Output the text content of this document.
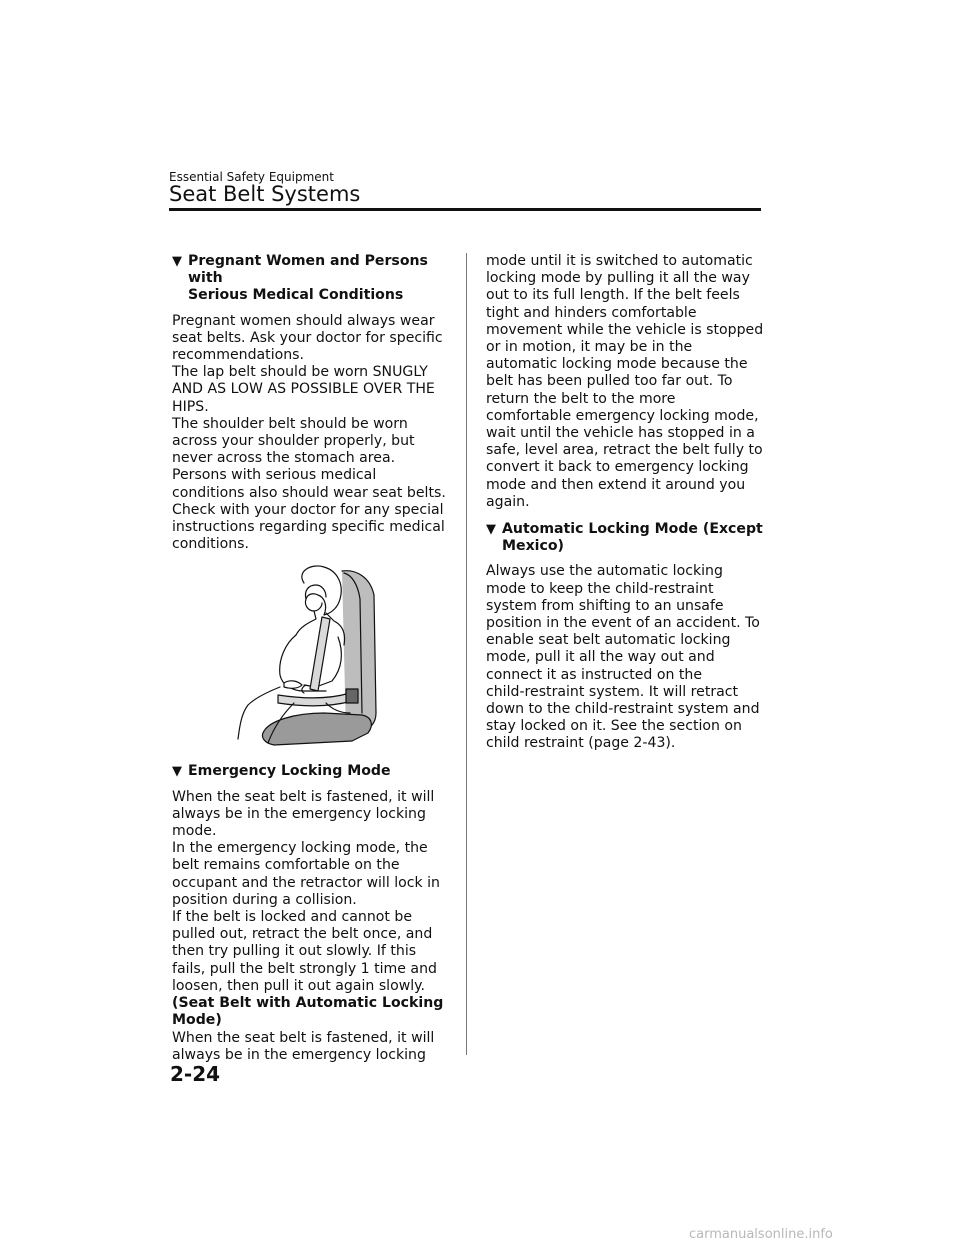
Essential Safety Equipment
Seat Belt Systems
▼ Pregnant Women and Persons with
Serious Medical Conditions

Pregnant women should always wear
seat belts. Ask your doctor for specific
recommendations.
The lap belt should be worn SNUGLY
AND AS LOW AS POSSIBLE OVER THE
HIPS.
The shoulder belt should be worn
across your shoulder properly, but
never across the stomach area.
Persons with serious medical
conditions also should wear seat belts.
Check with your doctor for any special
instructions regarding specific medical
conditions.

▼ Emergency Locking Mode

When the seat belt is fastened, it will
always be in the emergency locking
mode.
In the emergency locking mode, the
belt remains comfortable on the
occupant and the retractor will lock in
position during a collision.
If the belt is locked and cannot be
pulled out, retract the belt once, and
then try pulling it out slowly. If this
fails, pull the belt strongly 1 time and
loosen, then pull it out again slowly.

(Seat Belt with Automatic Locking
Mode)

When the seat belt is fastened, it will
always be in the emergency locking

mode until it is switched to automatic
locking mode by pulling it all the way
out to its full length. If the belt feels
tight and hinders comfortable
movement while the vehicle is stopped
or in motion, it may be in the
automatic locking mode because the
belt has been pulled too far out. To
return the belt to the more
comfortable emergency locking mode,
wait until the vehicle has stopped in a
safe, level area, retract the belt fully to
convert it back to emergency locking
mode and then extend it around you
again.

▼ Automatic Locking Mode (Except
Mexico)

Always use the automatic locking
mode to keep the child-restraint
system from shifting to an unsafe
position in the event of an accident. To
enable seat belt automatic locking
mode, pull it all the way out and
connect it as instructed on the
child-restraint system. It will retract
down to the child-restraint system and
stay locked on it. See the section on
child restraint (page 2-43).

2-24
carmanualsonline.info
